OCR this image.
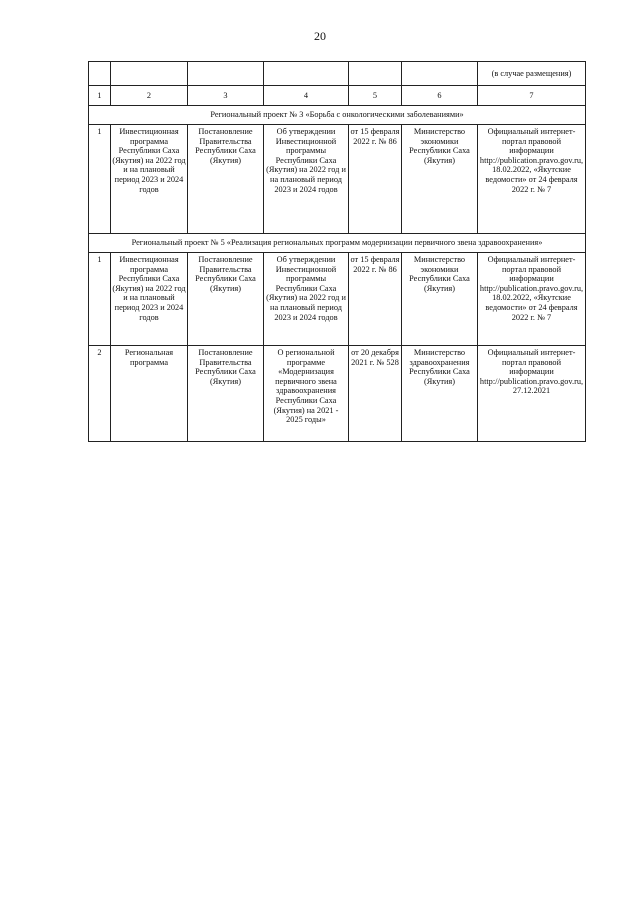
20
						(в случае размещения)
1	2	3	4	5	6	7
Региональный проект № 3 «Борьба с онкологическими заболеваниями»						
1	Инвестиционная программа Республики Саха (Якутия) на 2022 год и на плановый период 2023 и 2024 годов	Постановление Правительства Республики Саха (Якутия)	Об утверждении Инвестиционной программы Республики Саха (Якутия) на 2022 год и на плановый период 2023 и 2024 годов	от 15 февраля 2022 г. № 86	Министерство экономики Республики Саха (Якутия)	Официальный интернет-портал правовой информации http://publication.pravo.gov.ru, 18.02.2022, «Якутские ведомости» от 24 февраля 2022 г. № 7
Региональный проект № 5 «Реализация региональных программ модернизации первичного звена здравоохранения»						
1	Инвестиционная программа Республики Саха (Якутия) на 2022 год и на плановый период 2023 и 2024 годов	Постановление Правительства Республики Саха (Якутия)	Об утверждении Инвестиционной программы Республики Саха (Якутия) на 2022 год и на плановый период 2023 и 2024 годов	от 15 февраля 2022 г. № 86	Министерство экономики Республики Саха (Якутия)	Официальный интернет-портал правовой информации http://publication.pravo.gov.ru, 18.02.2022, «Якутские ведомости» от 24 февраля 2022 г. № 7
2	Региональная программа	Постановление Правительства Республики Саха (Якутия)	О региональной программе «Модернизация первичного звена здравоохранения Республики Саха (Якутия) на 2021 - 2025 годы»	от 20 декабря 2021 г. № 528	Министерство здравоохранения Республики Саха (Якутия)	Официальный интернет-портал правовой информации http://publication.pravo.gov.ru, 27.12.2021
